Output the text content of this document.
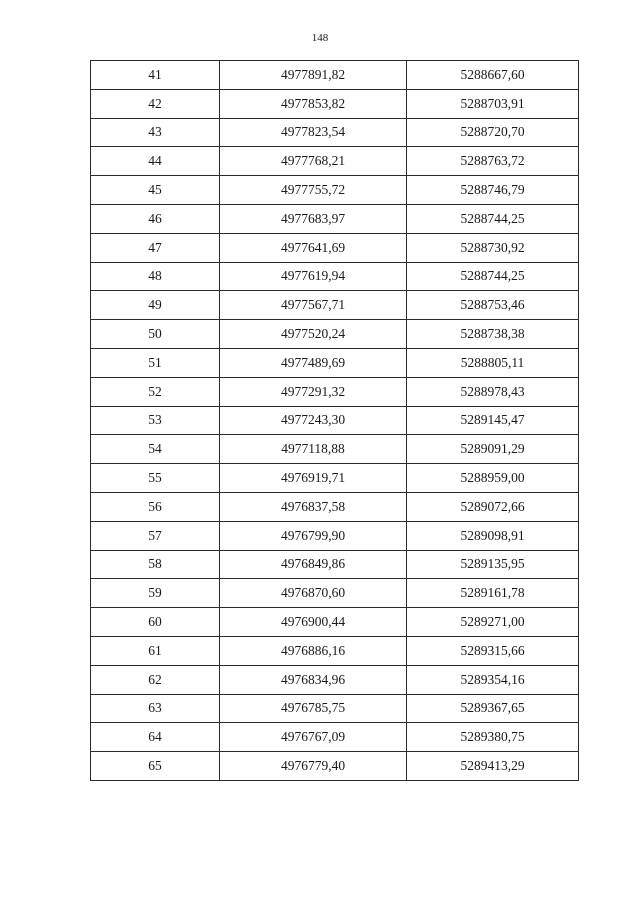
148
41	4977891,82	5288667,60
42	4977853,82	5288703,91
43	4977823,54	5288720,70
44	4977768,21	5288763,72
45	4977755,72	5288746,79
46	4977683,97	5288744,25
47	4977641,69	5288730,92
48	4977619,94	5288744,25
49	4977567,71	5288753,46
50	4977520,24	5288738,38
51	4977489,69	5288805,11
52	4977291,32	5288978,43
53	4977243,30	5289145,47
54	4977118,88	5289091,29
55	4976919,71	5288959,00
56	4976837,58	5289072,66
57	4976799,90	5289098,91
58	4976849,86	5289135,95
59	4976870,60	5289161,78
60	4976900,44	5289271,00
61	4976886,16	5289315,66
62	4976834,96	5289354,16
63	4976785,75	5289367,65
64	4976767,09	5289380,75
65	4976779,40	5289413,29
